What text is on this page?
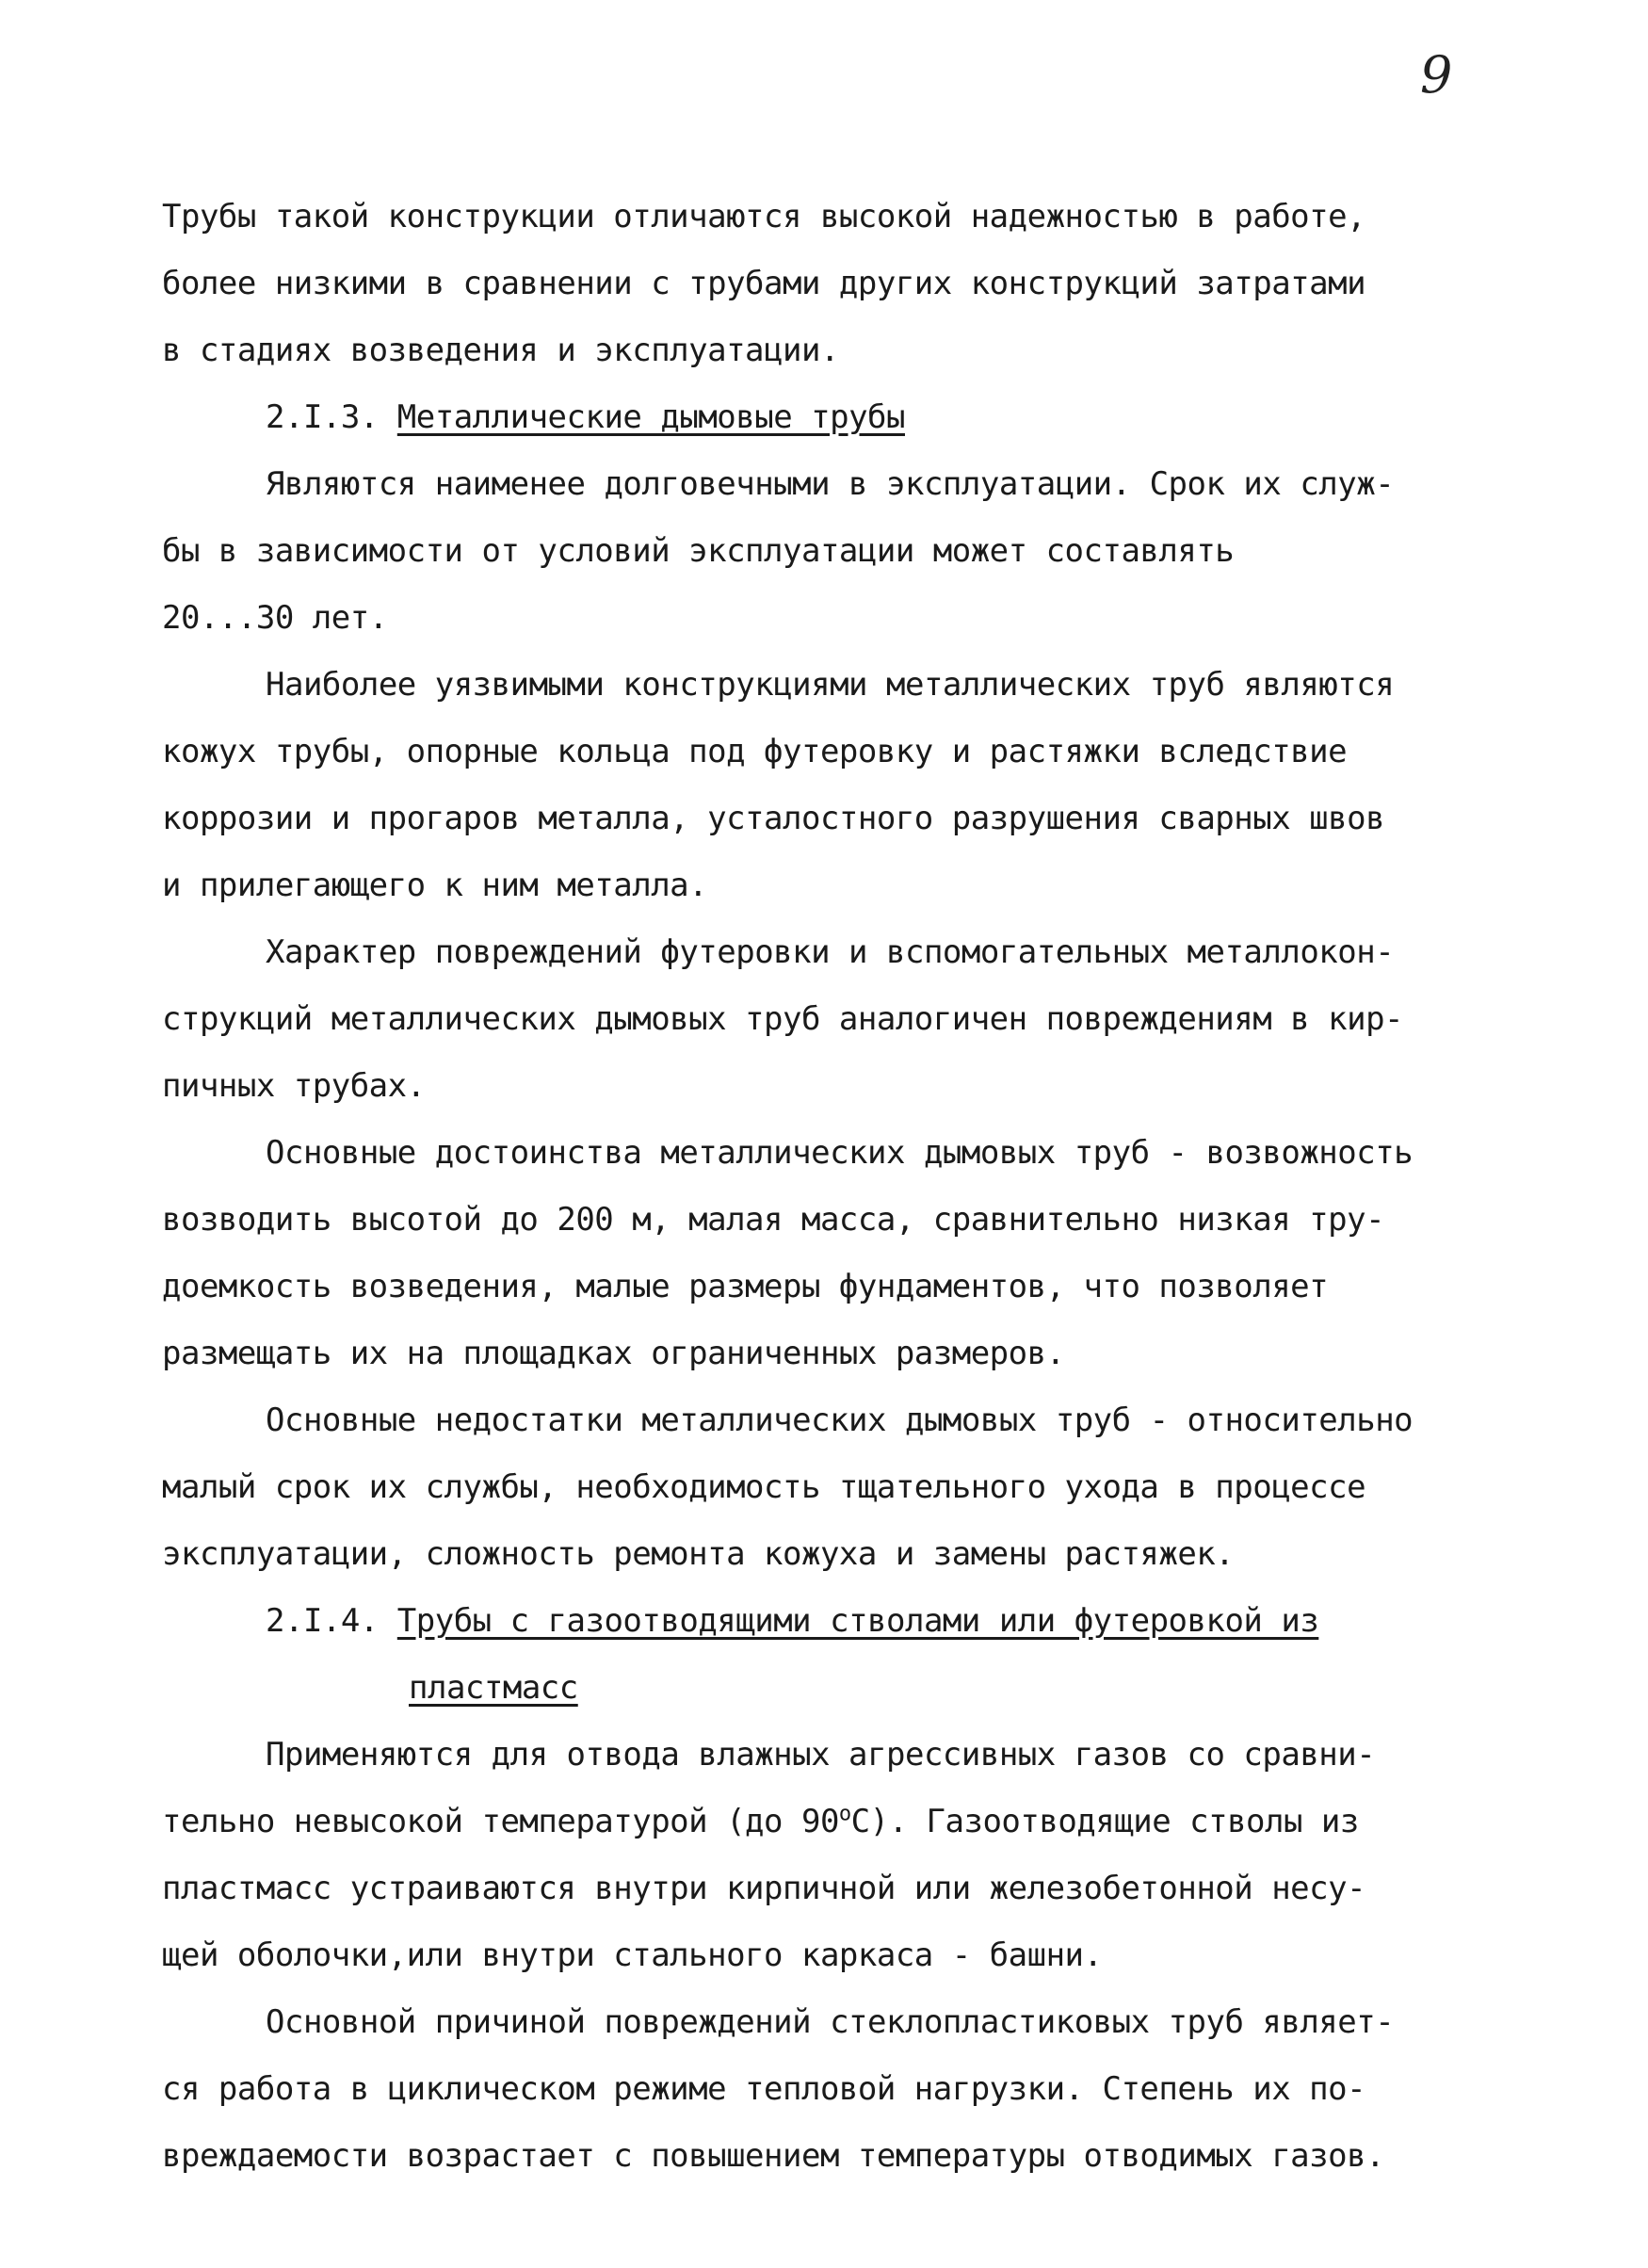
9
Трубы такой конструкции отличаются высокой надежностью в работе,
более низкими в сравнении с трубами других конструкций затратами
в стадиях возведения и эксплуатации.
2.I.3. Металлические дымовые трубы
Являются наименее долговечными в эксплуатации. Срок их служ-
бы в зависимости от условий эксплуатации может составлять
20...30 лет.
Наиболее уязвимыми конструкциями металлических труб являются
кожух трубы, опорные кольца под футеровку и растяжки вследствие
коррозии и прогаров металла, усталостного разрушения сварных швов
и прилегающего к ним металла.
Характер повреждений футеровки и вспомогательных металлокон-
струкций металлических дымовых труб аналогичен повреждениям в кир-
пичных трубах.
Основные достоинства металлических дымовых труб - возвожность
возводить высотой до 200 м, малая масса, сравнительно низкая тру-
доемкость возведения, малые размеры фундаментов, что позволяет
размещать их на площадках ограниченных размеров.
Основные недостатки металлических дымовых труб - относительно
малый срок их службы, необходимость тщательного ухода в процессе
эксплуатации, сложность ремонта кожуха и замены растяжек.
2.I.4. Трубы с газоотводящими стволами или футеровкой из
пластмасс
Применяются для отвода влажных агрессивных газов со сравни-
тельно невысокой температурой (до $90^оС$). Газоотводящие стволы из
пластмасс устраиваются внутри кирпичной или железобетонной несу-
щей оболочки,или внутри стального каркаса - башни.
Основной причиной повреждений стеклопластиковых труб являет-
ся работа в циклическом режиме тепловой нагрузки. Степень их по-
вреждаемости возрастает с повышением температуры отводимых газов.
